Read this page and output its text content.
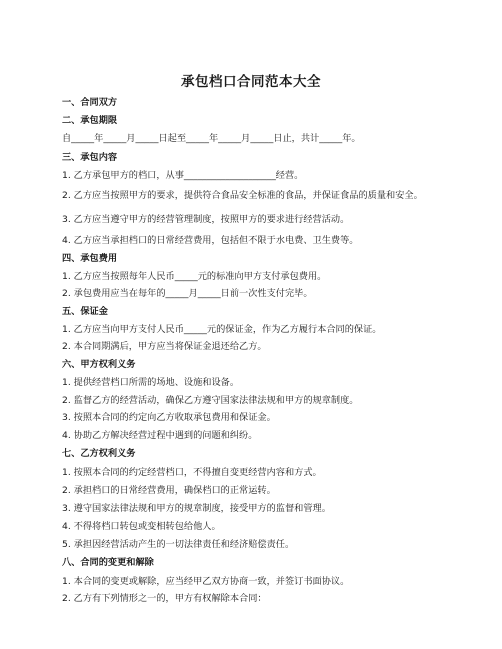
承包档口合同范本大全
一、合同双方
二、承包期限
自_____年_____月_____日起至_____年_____月_____日止，共计_____年。
三、承包内容
1. 乙方承包甲方的档口，从事____________________经营。
2. 乙方应当按照甲方的要求，提供符合食品安全标准的食品，并保证食品的质量和安全。
3. 乙方应当遵守甲方的经营管理制度，按照甲方的要求进行经营活动。
4. 乙方应当承担档口的日常经营费用，包括但不限于水电费、卫生费等。
四、承包费用
1. 乙方应当按照每年人民币_____元的标准向甲方支付承包费用。
2. 承包费用应当在每年的_____月_____日前一次性支付完毕。
五、保证金
1. 乙方应当向甲方支付人民币_____元的保证金，作为乙方履行本合同的保证。
2. 本合同期满后，甲方应当将保证金退还给乙方。
六、甲方权利义务
1. 提供经营档口所需的场地、设施和设备。
2. 监督乙方的经营活动，确保乙方遵守国家法律法规和甲方的规章制度。
3. 按照本合同的约定向乙方收取承包费用和保证金。
4. 协助乙方解决经营过程中遇到的问题和纠纷。
七、乙方权利义务
1. 按照本合同的约定经营档口，不得擅自变更经营内容和方式。
2. 承担档口的日常经营费用，确保档口的正常运转。
3. 遵守国家法律法规和甲方的规章制度，接受甲方的监督和管理。
4. 不得将档口转包或变相转包给他人。
5. 承担因经营活动产生的一切法律责任和经济赔偿责任。
八、合同的变更和解除
1. 本合同的变更或解除，应当经甲乙双方协商一致，并签订书面协议。
2. 乙方有下列情形之一的，甲方有权解除本合同：
